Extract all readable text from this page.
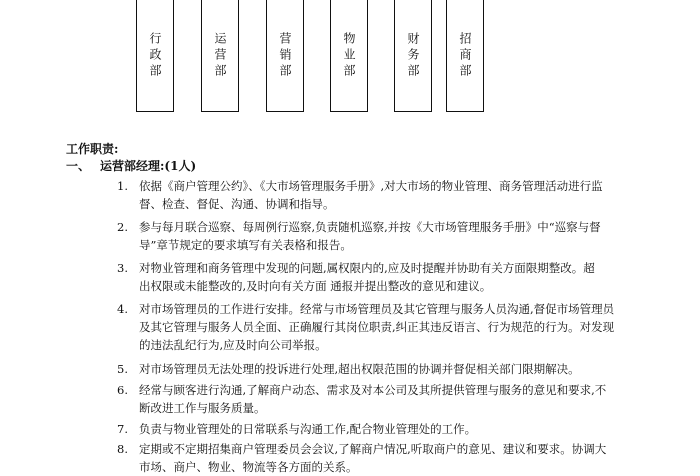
行政部	运营部	营销部	物业部	财务部	招商部
工作职责:
一、 运营部经理:(1人)
1. 依据《商户管理公约》、《大市场管理服务手册》,对大市场的物业管理、商务管理活动进行监
督、检查、督促、沟通、协调和指导。
2. 参与每月联合巡察、每周例行巡察,负责随机巡察,并按《大市场管理服务手册》中“巡察与督
导”章节规定的要求填写有关表格和报告。
3. 对物业管理和商务管理中发现的问题,属权限内的,应及时提醒并协助有关方面限期整改。超
出权限或未能整改的,及时向有关方面 通报并提出整改的意见和建议。
4. 对市场管理员的工作进行安排。经常与市场管理员及其它管理与服务人员沟通,督促市场管理员
及其它管理与服务人员全面、正确履行其岗位职责,纠正其违反语言、行为规范的行为。对发现
的违法乱纪行为,应及时向公司举报。
5. 对市场管理员无法处理的投诉进行处理,超出权限范围的协调并督促相关部门限期解决。
6. 经常与顾客进行沟通,了解商户动态、需求及对本公司及其所提供管理与服务的意见和要求,不
断改进工作与服务质量。
7. 负责与物业管理处的日常联系与沟通工作,配合物业管理处的工作。
8. 定期或不定期招集商户管理委员会会议,了解商户情况,听取商户的意见、建议和要求。协调大
市场、商户、物业、物流等各方面的关系。
